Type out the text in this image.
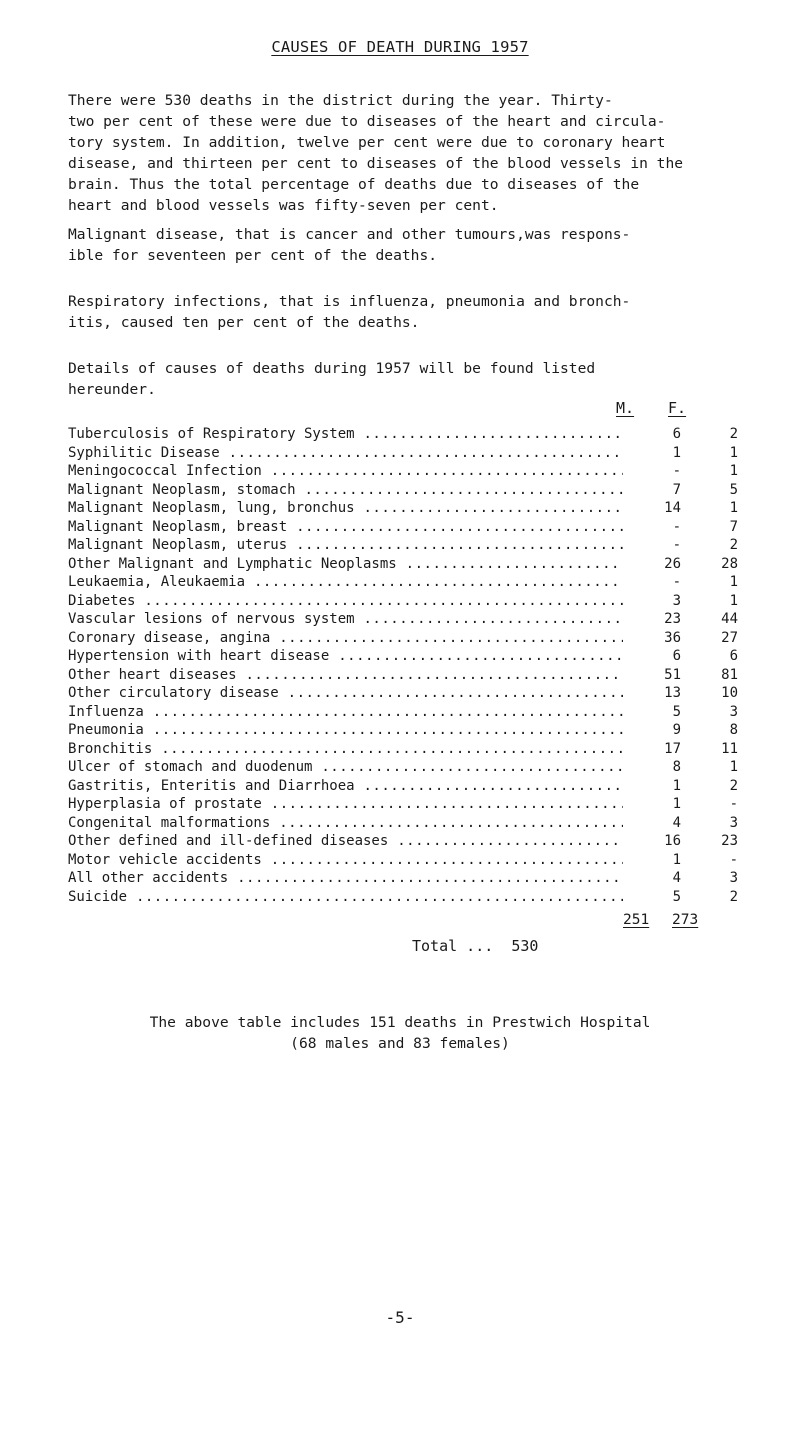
CAUSES OF DEATH DURING 1957

There were 530 deaths in the district during the year. Thirty-
two per cent of these were due to diseases of the heart and circula-
tory system. In addition, twelve per cent were due to coronary heart
disease, and thirteen per cent to diseases of the blood vessels in the
brain. Thus the total percentage of deaths due to diseases of the
heart and blood vessels was fifty-seven per cent.

Malignant disease, that is cancer and other tumours,was respons-
ible for seventeen per cent of the deaths.

Respiratory infections, that is influenza, pneumonia and bronch-
itis, caused ten per cent of the deaths.

Details of causes of deaths during 1957 will be found listed
hereunder.

M. F.
Tuberculosis of Respiratory System .....	6	2
Syphilitic Disease .....	1	1
Meningococcal Infection .....	-	1
Malignant Neoplasm, stomach .....	7	5
Malignant Neoplasm, lung, bronchus .....	14	1
Malignant Neoplasm, breast .....	-	7
Malignant Neoplasm, uterus .....	-	2
Other Malignant and Lymphatic Neoplasms .....	26	28
Leukaemia, Aleukaemia .....	-	1
Diabetes .....	3	1
Vascular lesions of nervous system .....	23	44
Coronary disease, angina .....	36	27
Hypertension with heart disease .....	6	6
Other heart diseases .....	51	81
Other circulatory disease .....	13	10
Influenza .....	5	3
Pneumonia .....	9	8
Bronchitis .....	17	11
Ulcer of stomach and duodenum .....	8	1
Gastritis, Enteritis and Diarrhoea .....	1	2
Hyperplasia of prostate .....	1	-
Congenital malformations .....	4	3
Other defined and ill-defined diseases .....	16	23
Motor vehicle accidents .....	1	-
All other accidents .....	4	3
Suicide .....	5	2
251 273
Total ... 530
The above table includes 151 deaths in Prestwich Hospital
(68 males and 83 females)
-5-
